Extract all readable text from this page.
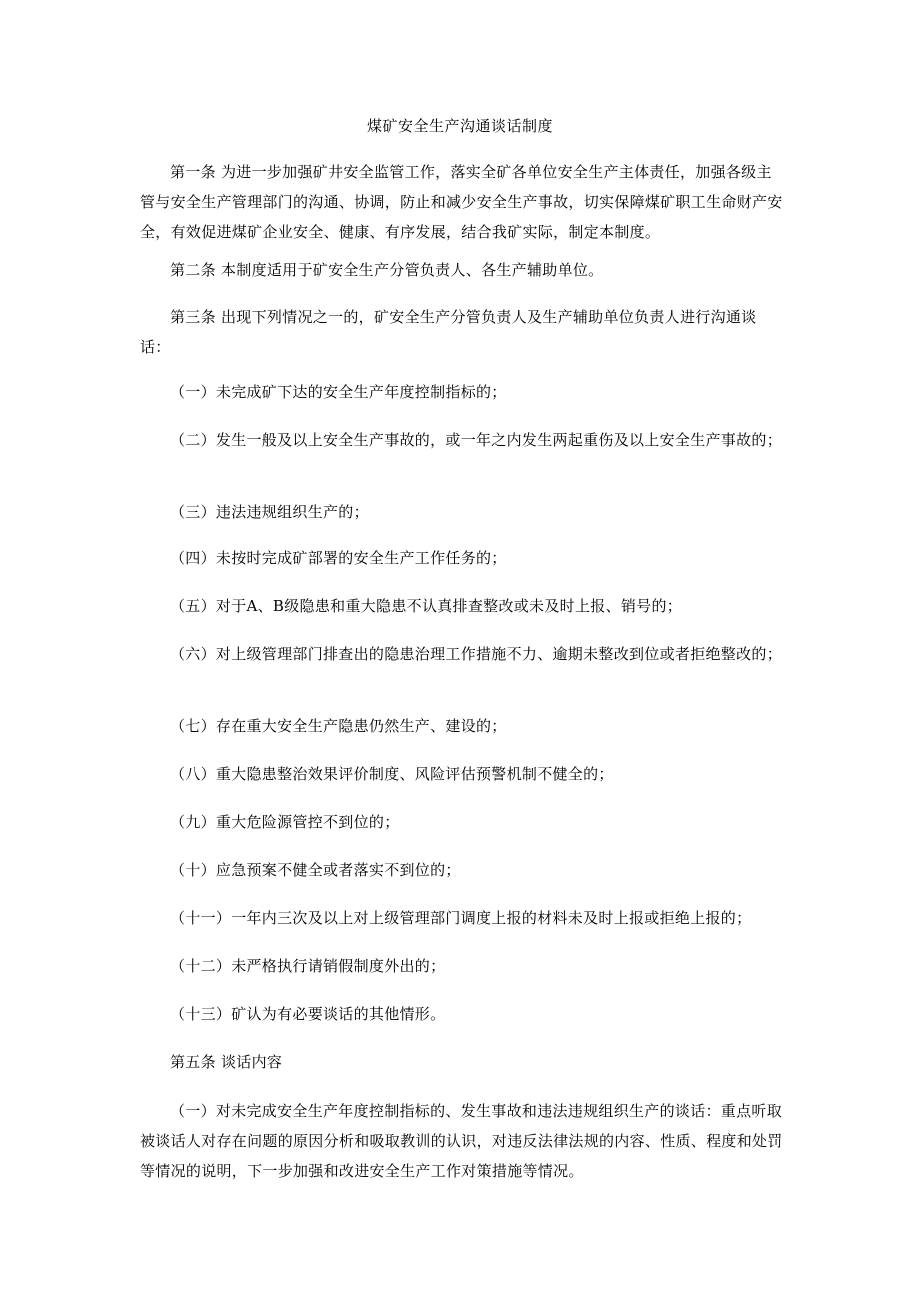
煤矿安全生产沟通谈话制度
第一条 为进一步加强矿井安全监管工作，落实全矿各单位安全生产主体责任，加强各级主管与安全生产管理部门的沟通、协调，防止和减少安全生产事故，切实保障煤矿职工生命财产安全，有效促进煤矿企业安全、健康、有序发展，结合我矿实际，制定本制度。
第二条 本制度适用于矿安全生产分管负责人、各生产辅助单位。
第三条 出现下列情况之一的，矿安全生产分管负责人及生产辅助单位负责人进行沟通谈话：
（一）未完成矿下达的安全生产年度控制指标的；
（二）发生一般及以上安全生产事故的，或一年之内发生两起重伤及以上安全生产事故的；
（三）违法违规组织生产的；
（四）未按时完成矿部署的安全生产工作任务的；
（五）对于A、B级隐患和重大隐患不认真排查整改或未及时上报、销号的；
（六）对上级管理部门排查出的隐患治理工作措施不力、逾期未整改到位或者拒绝整改的；
（七）存在重大安全生产隐患仍然生产、建设的；
（八）重大隐患整治效果评价制度、风险评估预警机制不健全的；
（九）重大危险源管控不到位的；
（十）应急预案不健全或者落实不到位的；
（十一）一年内三次及以上对上级管理部门调度上报的材料未及时上报或拒绝上报的；
（十二）未严格执行请销假制度外出的；
（十三）矿认为有必要谈话的其他情形。
第五条 谈话内容
（一）对未完成安全生产年度控制指标的、发生事故和违法违规组织生产的谈话：重点听取被谈话人对存在问题的原因分析和吸取教训的认识，对违反法律法规的内容、性质、程度和处罚等情况的说明，下一步加强和改进安全生产工作对策措施等情况。
